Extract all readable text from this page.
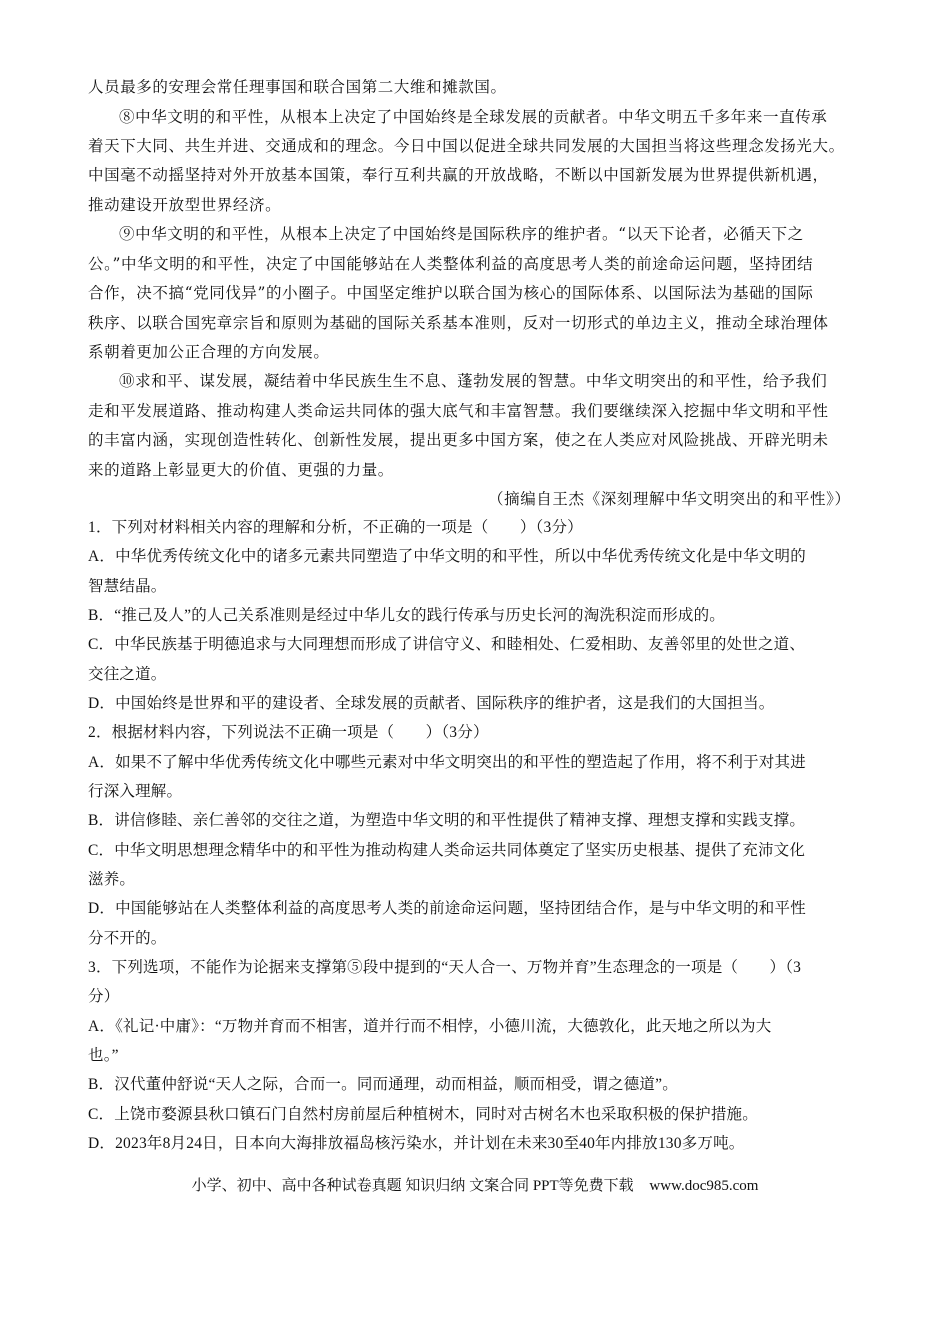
人员最多的安理会常任理事国和联合国第二大维和摊款国。
⑧中华文明的和平性，从根本上决定了中国始终是全球发展的贡献者。中华文明五千多年来一直传承
着天下大同、共生并进、交通成和的理念。今日中国以促进全球共同发展的大国担当将这些理念发扬光大。
中国毫不动摇坚持对外开放基本国策，奉行互利共赢的开放战略，不断以中国新发展为世界提供新机遇，
推动建设开放型世界经济。
⑨中华文明的和平性，从根本上决定了中国始终是国际秩序的维护者。“以天下论者，必循天下之
公。”中华文明的和平性，决定了中国能够站在人类整体利益的高度思考人类的前途命运问题，坚持团结
合作，决不搞“党同伐异”的小圈子。中国坚定维护以联合国为核心的国际体系、以国际法为基础的国际
秩序、以联合国宪章宗旨和原则为基础的国际关系基本准则，反对一切形式的单边主义，推动全球治理体
系朝着更加公正合理的方向发展。
⑩求和平、谋发展，凝结着中华民族生生不息、蓬勃发展的智慧。中华文明突出的和平性，给予我们
走和平发展道路、推动构建人类命运共同体的强大底气和丰富智慧。我们要继续深入挖掘中华文明和平性
的丰富内涵，实现创造性转化、创新性发展，提出更多中国方案，使之在人类应对风险挑战、开辟光明未
来的道路上彰显更大的价值、更强的力量。
（摘编自王杰《深刻理解中华文明突出的和平性》）
1．下列对材料相关内容的理解和分析，不正确的一项是（　　）（3分）
A．中华优秀传统文化中的诸多元素共同塑造了中华文明的和平性，所以中华优秀传统文化是中华文明的
智慧结晶。
B．“推己及人”的人己关系准则是经过中华儿女的践行传承与历史长河的淘洗积淀而形成的。
C．中华民族基于明德追求与大同理想而形成了讲信守义、和睦相处、仁爱相助、友善邻里的处世之道、
交往之道。
D．中国始终是世界和平的建设者、全球发展的贡献者、国际秩序的维护者，这是我们的大国担当。
2．根据材料内容，下列说法不正确一项是（　　）（3分）
A．如果不了解中华优秀传统文化中哪些元素对中华文明突出的和平性的塑造起了作用，将不利于对其进
行深入理解。
B．讲信修睦、亲仁善邻的交往之道，为塑造中华文明的和平性提供了精神支撑、理想支撑和实践支撑。
C．中华文明思想理念精华中的和平性为推动构建人类命运共同体奠定了坚实历史根基、提供了充沛文化
滋养。
D．中国能够站在人类整体利益的高度思考人类的前途命运问题，坚持团结合作，是与中华文明的和平性
分不开的。
3．下列选项，不能作为论据来支撑第⑤段中提到的“天人合一、万物并育”生态理念的一项是（　　）（3
分）
A．《礼记·中庸》：“万物并育而不相害，道并行而不相悖，小德川流，大德敦化，此天地之所以为大
也。”
B．汉代董仲舒说“天人之际，合而一。同而通理，动而相益，顺而相受，谓之德道”。
C．上饶市婺源县秋口镇石门自然村房前屋后种植树木，同时对古树名木也采取积极的保护措施。
D．2023年8月24日，日本向大海排放福岛核污染水，并计划在未来30至40年内排放130多万吨。
小学、初中、高中各种试卷真题 知识归纳 文案合同 PPT等免费下载 www.doc985.com
